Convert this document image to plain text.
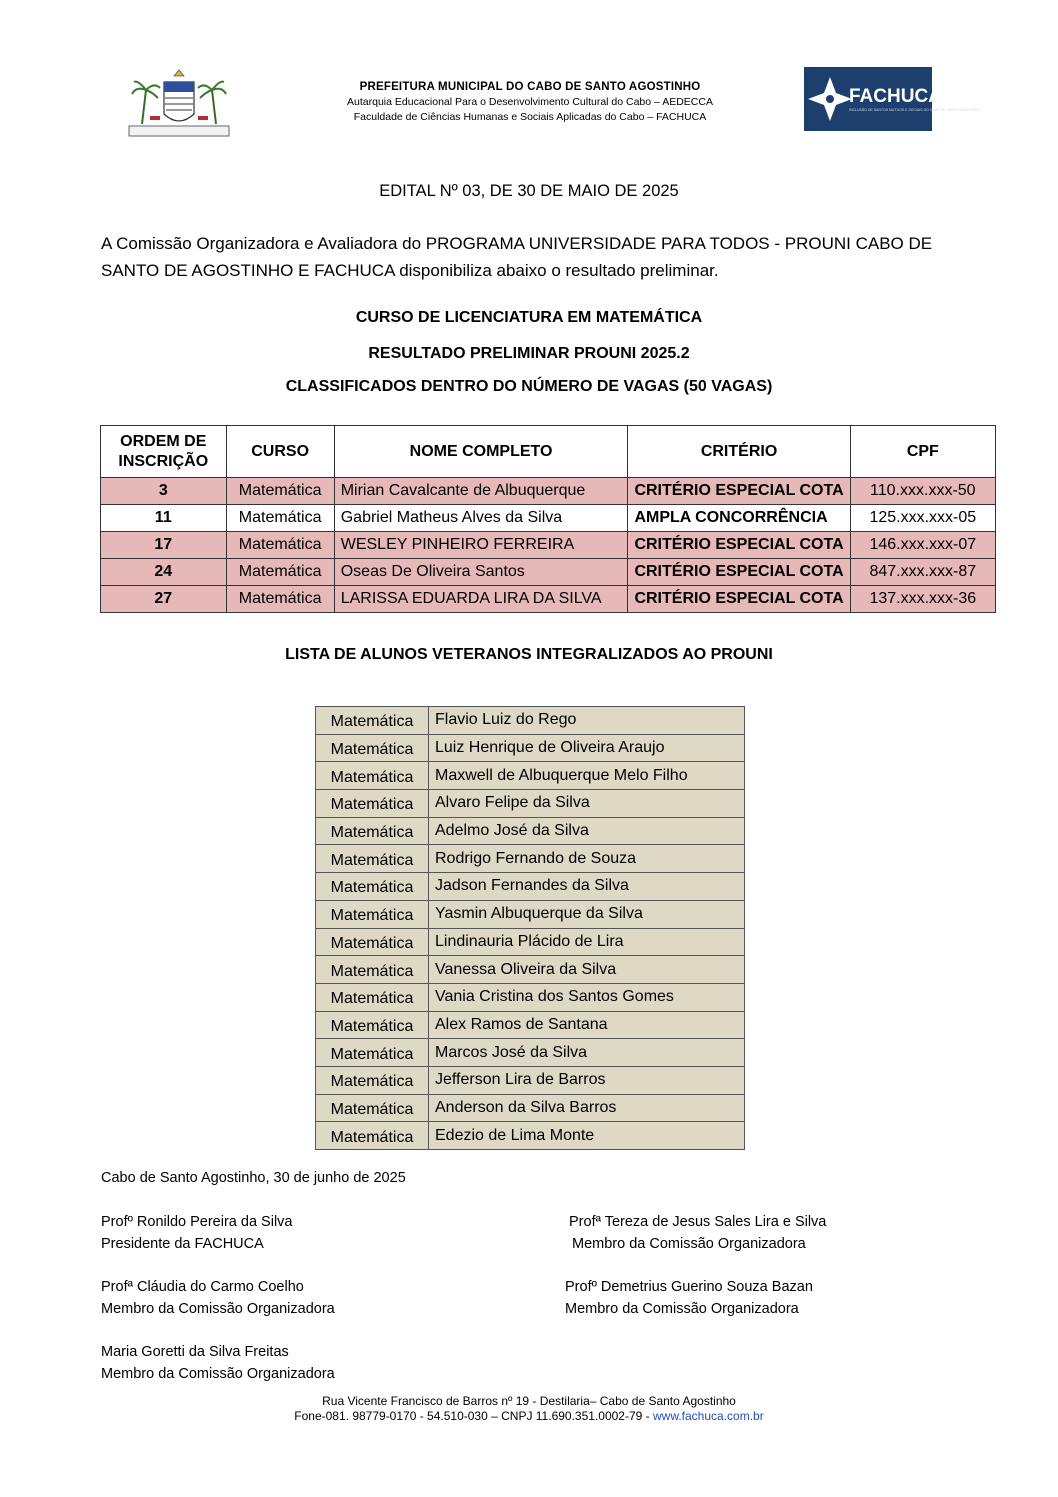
PREFEITURA MUNICIPAL DO CABO DE SANTO AGOSTINHO
Autarquia Educacional Para o Desenvolvimento Cultural do Cabo – AEDECCA
Faculdade de Ciências Humanas e Sociais Aplicadas do Cabo – FACHUCA
FACHUCA
INCLUSÃO DE SANTOS MUTUOS E SOCIAIS DO CABO DE SANTO AGOSTINHO
EDITAL Nº 03, DE 30 DE MAIO DE 2025
A Comissão Organizadora e Avaliadora do PROGRAMA UNIVERSIDADE PARA TODOS - PROUNI CABO DE SANTO DE AGOSTINHO E FACHUCA disponibiliza abaixo o resultado preliminar.
CURSO DE LICENCIATURA EM MATEMÁTICA
RESULTADO PRELIMINAR PROUNI 2025.2
CLASSIFICADOS DENTRO DO NÚMERO DE VAGAS (50 VAGAS)
ORDEM DE
INSCRIÇÃO	CURSO	NOME COMPLETO	CRITÉRIO	CPF
3	Matemática	Mirian Cavalcante de Albuquerque	CRITÉRIO ESPECIAL COTA	110.xxx.xxx-50
11	Matemática	Gabriel Matheus Alves da Silva	AMPLA CONCORRÊNCIA	125.xxx.xxx-05
17	Matemática	WESLEY PINHEIRO FERREIRA	CRITÉRIO ESPECIAL COTA	146.xxx.xxx-07
24	Matemática	Oseas De Oliveira Santos	CRITÉRIO ESPECIAL COTA	847.xxx.xxx-87
27	Matemática	LARISSA EDUARDA LIRA DA SILVA	CRITÉRIO ESPECIAL COTA	137.xxx.xxx-36
LISTA DE ALUNOS VETERANOS INTEGRALIZADOS AO PROUNI
Matemática	Flavio Luiz do Rego
Matemática	Luiz Henrique de Oliveira Araujo
Matemática	Maxwell de Albuquerque Melo Filho
Matemática	Alvaro Felipe da Silva
Matemática	Adelmo José da Silva
Matemática	Rodrigo Fernando de Souza
Matemática	Jadson Fernandes da Silva
Matemática	Yasmin Albuquerque da Silva
Matemática	Lindinauria Plácido de Lira
Matemática	Vanessa Oliveira da Silva
Matemática	Vania Cristina dos Santos Gomes
Matemática	Alex Ramos de Santana
Matemática	Marcos José da Silva
Matemática	Jefferson Lira de Barros
Matemática	Anderson da Silva Barros
Matemática	Edezio de Lima Monte
Cabo de Santo Agostinho, 30 de junho de 2025
Profº Ronildo Pereira da Silva
Presidente da FACHUCA
Profª Tereza de Jesus Sales Lira e Silva
Membro da Comissão Organizadora
Profª Cláudia do Carmo Coelho
Membro da Comissão Organizadora
Profº Demetrius Guerino Souza Bazan
Membro da Comissão Organizadora
Maria Goretti da Silva Freitas
Membro da Comissão Organizadora
Rua Vicente Francisco de Barros nº 19 - Destilaria– Cabo de Santo Agostinho
Fone-081. 98779-0170 - 54.510-030 – CNPJ 11.690.351.0002-79 - www.fachuca.com.br
